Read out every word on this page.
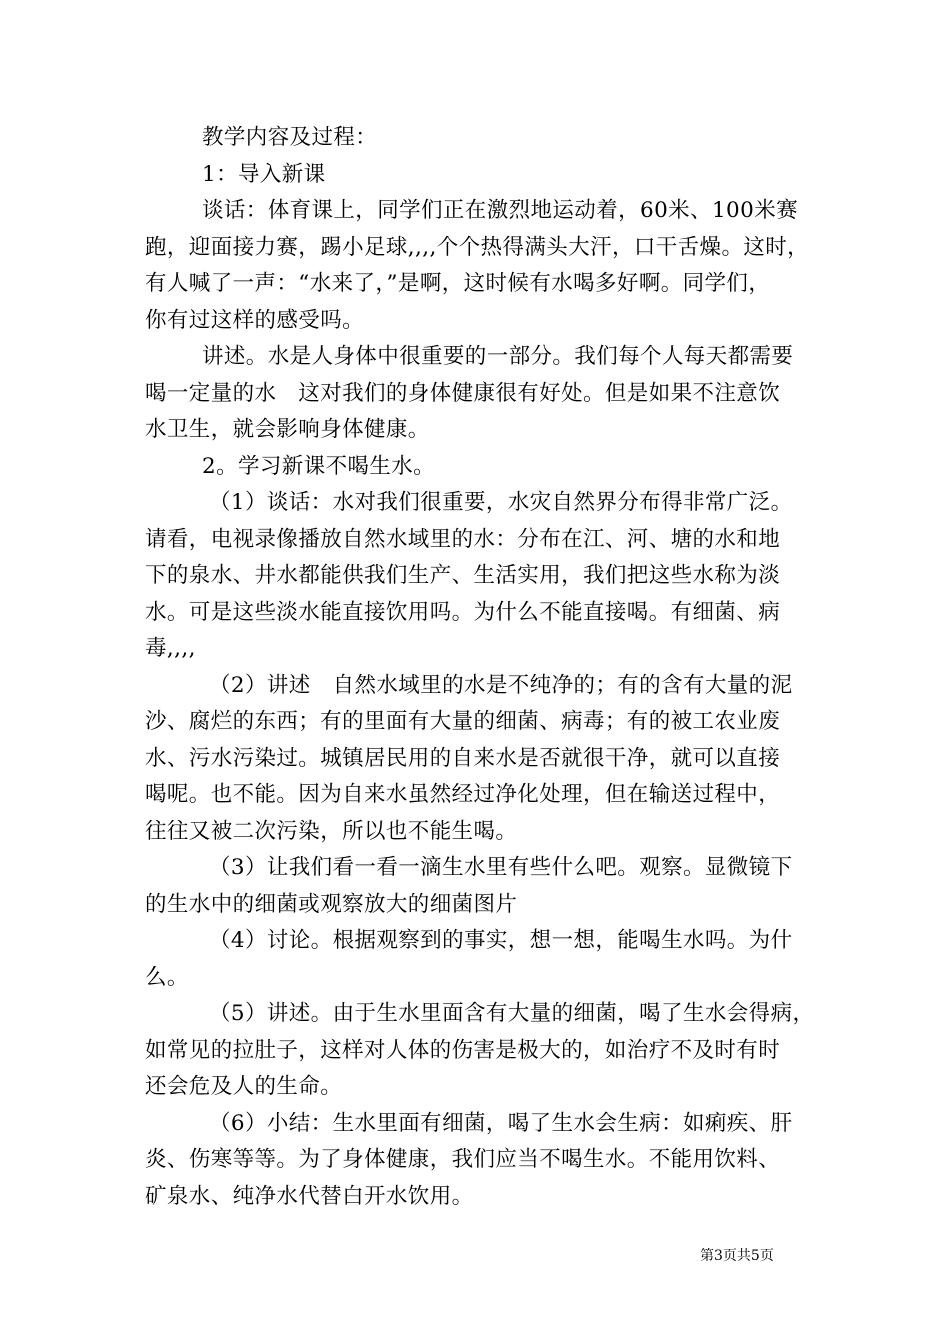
教学内容及过程：

1：导入新课

谈话：体育课上，同学们正在激烈地运动着，60米、100米赛
跑，迎面接力赛，踢小足球,,,,个个热得满头大汗，口干舌燥。这时，
有人喊了一声：“水来了，”是啊，这时候有水喝多好啊。同学们，
你有过这样的感受吗。

讲述。水是人身体中很重要的一部分。我们每个人每天都需要
喝一定量的水　这对我们的身体健康很有好处。但是如果不注意饮
水卫生，就会影响身体健康。

2。学习新课不喝生水。

（1）谈话：水对我们很重要，水灾自然界分布得非常广泛。
请看，电视录像播放自然水域里的水：分布在江、河、塘的水和地
下的泉水、井水都能供我们生产、生活实用，我们把这些水称为淡
水。可是这些淡水能直接饮用吗。为什么不能直接喝。有细菌、病
毒,,,,

（2）讲述　自然水域里的水是不纯净的；有的含有大量的泥
沙、腐烂的东西；有的里面有大量的细菌、病毒；有的被工农业废
水、污水污染过。城镇居民用的自来水是否就很干净，就可以直接
喝呢。也不能。因为自来水虽然经过净化处理，但在输送过程中，
往往又被二次污染，所以也不能生喝。

（3）让我们看一看一滴生水里有些什么吧。观察。显微镜下
的生水中的细菌或观察放大的细菌图片

（4）讨论。根据观察到的事实，想一想，能喝生水吗。为什
么。

（5）讲述。由于生水里面含有大量的细菌，喝了生水会得病，
如常见的拉肚子，这样对人体的伤害是极大的，如治疗不及时有时
还会危及人的生命。

（6）小结：生水里面有细菌，喝了生水会生病：如痢疾、肝
炎、伤寒等等。为了身体健康，我们应当不喝生水。不能用饮料、
矿泉水、纯净水代替白开水饮用。

第3页共5页
